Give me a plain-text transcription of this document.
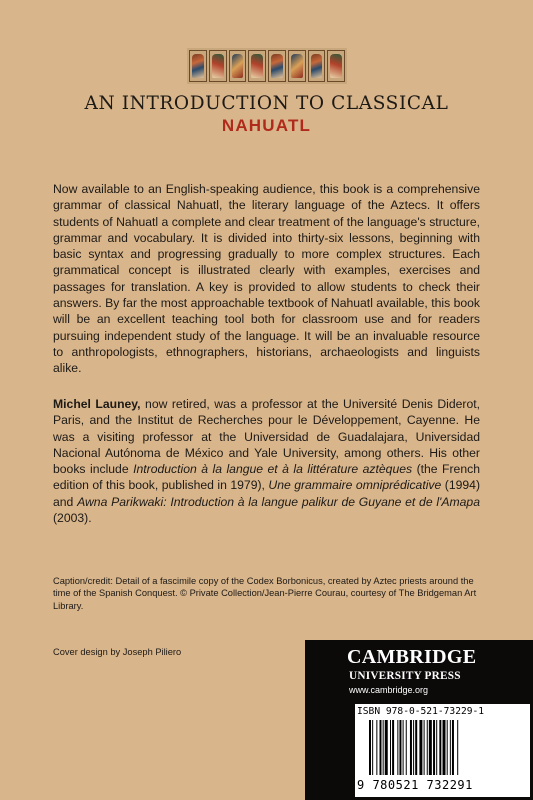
AN INTRODUCTION TO CLASSICAL
NAHUATL

Now available to an English-speaking audience, this book is a comprehensive grammar of classical Nahuatl, the literary language of the Aztecs. It offers students of Nahuatl a complete and clear treatment of the language's structure, grammar and vocabulary. It is divided into thirty-six lessons, beginning with basic syntax and progressing gradually to more complex structures. Each grammatical concept is illustrated clearly with examples, exercises and passages for translation. A key is provided to allow students to check their answers. By far the most approachable textbook of Nahuatl available, this book will be an excellent teaching tool both for classroom use and for readers pursuing independent study of the language. It will be an invaluable resource to anthropologists, ethnographers, historians, archaeologists and linguists alike.

Michel Launey, now retired, was a professor at the Université Denis Diderot, Paris, and the Institut de Recherches pour le Développement, Cayenne. He was a visiting professor at the Universidad de Guadalajara, Universidad Nacional Autónoma de México and Yale University, among others. His other books include Introduction à la langue et à la littérature aztèques (the French edition of this book, published in 1979), Une grammaire omniprédicative (1994) and Awna Parikwaki: Introduction à la langue palikur de Guyane et de l'Amapa (2003).

Caption/credit: Detail of a fascimile copy of the Codex Borbonicus, created by Aztec priests around the time of the Spanish Conquest. © Private Collection/Jean-Pierre Courau, courtesy of The Bridgeman Art Library.

Cover design by Joseph Piliero	CAMBRIDGE
UNIVERSITY PRESS
www.cambridge.org
ISBN 978-0-521-73229-1
9 780521 732291
